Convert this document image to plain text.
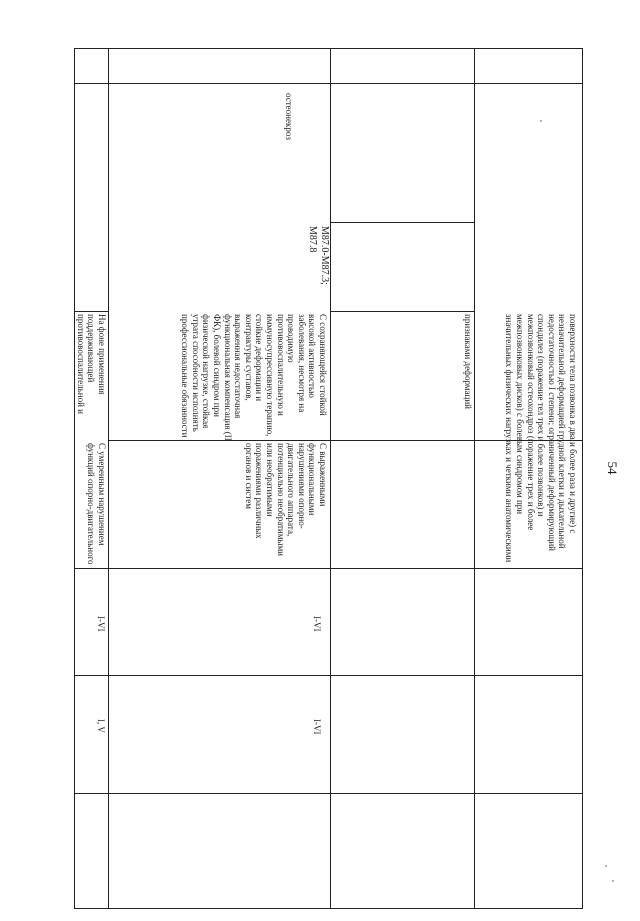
54

поверхности тела позвонка в два и более раза и другие) с незначительной деформацией грудной клетки и дыхательной недостаточностью I степени; ограниченный деформирующий спондилез (поражение тел трех и более позвонков) и межпозвонковый остеохондроз (поражение трех и более межпозвонковых дисков) с болевым синдромом при значительных физических нагрузках и четкими анатомическими

признаками деформаций

остеонекроз

М87.0-М87.3; М87.8

С сохраняющейся стойкой высокой активностью заболевания, несмотря на проводимую противовоспалительную и иммуносупрессивную терапию, стойкие деформации и контрактуры суставов, выраженная недостаточная функциональная компенсация (II ФК), болевой синдром при физической нагрузке, стойкая утрата способности исполнять профессиональные обязанности

С выраженными функциональными нарушениями опорно-двигательного аппарата, потенциально необратимыми или необратимыми поражениями различных органов и систем

I-VI

I-VI

На фоне применения поддерживающей противовоспалительной и

С умеренным нарушением функций опорно-двигательного

I-VI

I, V
